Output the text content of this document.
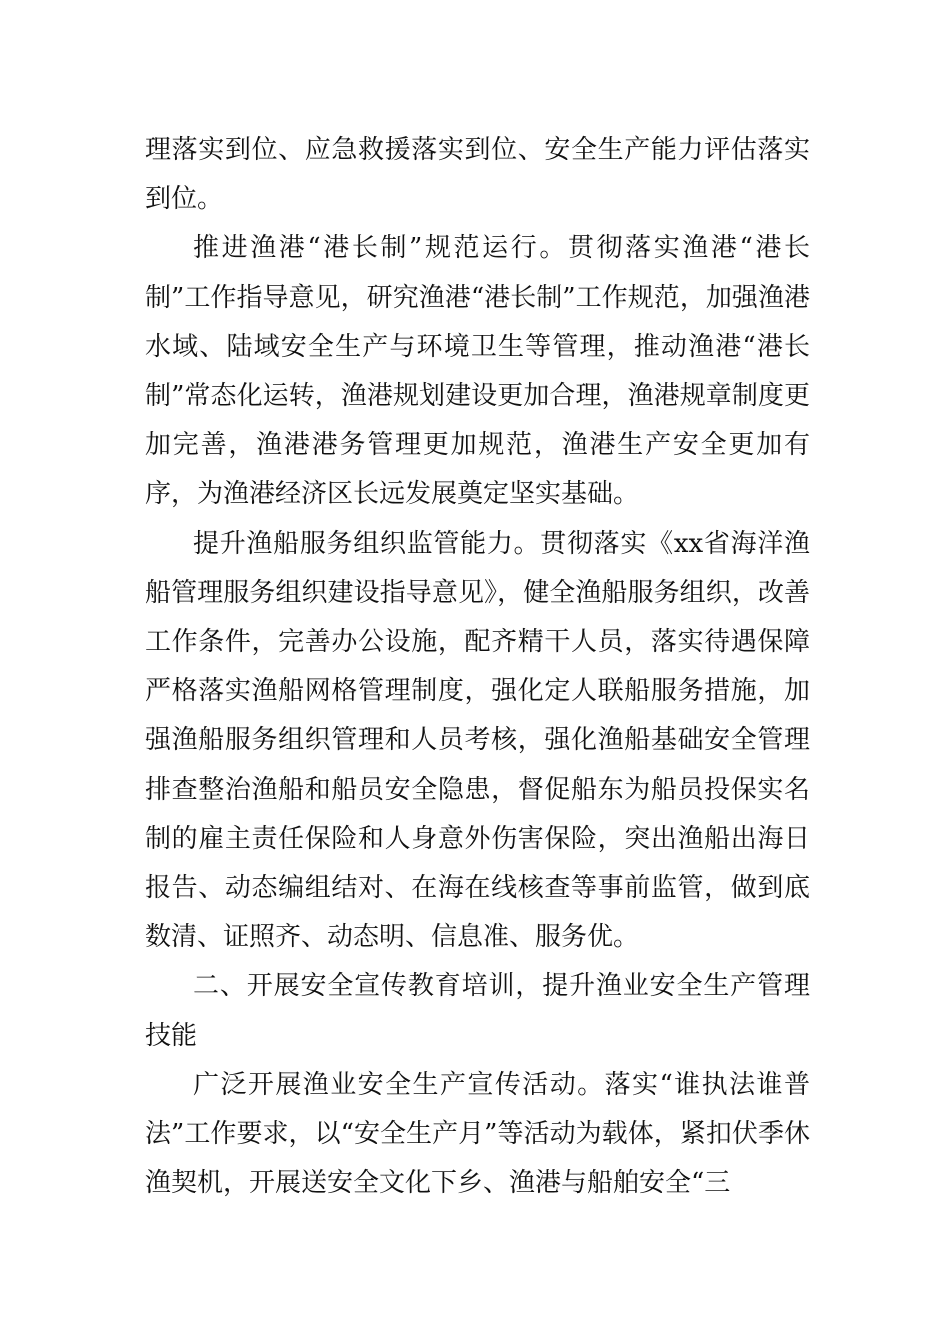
理落实到位、应急救援落实到位、安全生产能力评估落实到位。

推进渔港“港长制”规范运行。贯彻落实渔港“港长制”工作指导意见，研究渔港“港长制”工作规范，加强渔港水域、陆域安全生产与环境卫生等管理，推动渔港“港长制”常态化运转，渔港规划建设更加合理，渔港规章制度更加完善，渔港港务管理更加规范，渔港生产安全更加有序，为渔港经济区长远发展奠定坚实基础。

提升渔船服务组织监管能力。贯彻落实《xx省海洋渔船管理服务组织建设指导意见》，健全渔船服务组织，改善工作条件，完善办公设施，配齐精干人员，落实待遇保障严格落实渔船网格管理制度，强化定人联船服务措施，加强渔船服务组织管理和人员考核，强化渔船基础安全管理排查整治渔船和船员安全隐患，督促船东为船员投保实名制的雇主责任保险和人身意外伤害保险，突出渔船出海日报告、动态编组结对、在海在线核查等事前监管，做到底数清、证照齐、动态明、信息准、服务优。

二、开展安全宣传教育培训，提升渔业安全生产管理技能

广泛开展渔业安全生产宣传活动。落实“谁执法谁普法”工作要求，以“安全生产月”等活动为载体，紧扣伏季休渔契机，开展送安全文化下乡、渔港与船舶安全“三
